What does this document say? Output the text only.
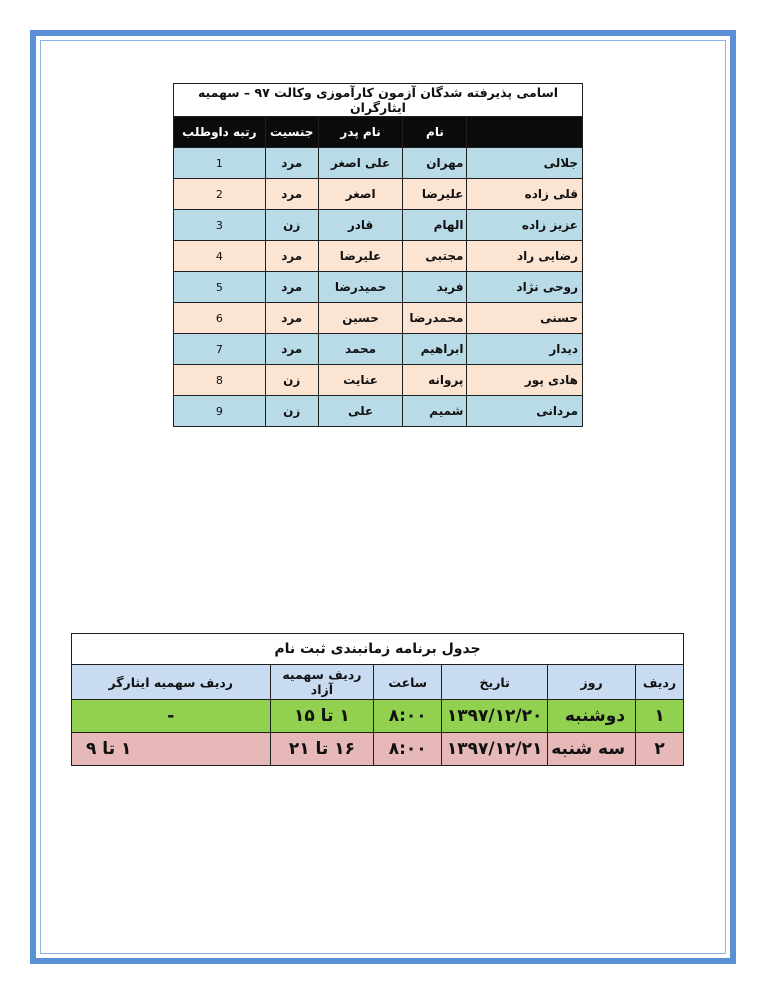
اسامی پذیرفته شدگان آزمون کارآموزی وکالت ۹۷ – سهمیه ایثارگران				
	نام	نام پدر	جنسیت	رتبه داوطلب
جلالی	مهران	علی اصغر	مرد	1
قلی زاده	علیرضا	اصغر	مرد	2
عزیز زاده	الهام	قادر	زن	3
رضایی راد	مجتبی	علیرضا	مرد	4
روحی نژاد	فرید	حمیدرضا	مرد	5
حسنی	محمدرضا	حسین	مرد	6
دیدار	ابراهیم	محمد	مرد	7
هادی پور	پروانه	عنایت	زن	8
مردانی	شمیم	علی	زن	9
جدول برنامه زمانبندی ثبت نام					
ردیف	روز	تاریخ	ساعت	ردیف سهمیه آزاد	ردیف سهمیه ایثارگر
۱	دوشنبه	۱۳۹۷/۱۲/۲۰	۸:۰۰	۱ تا ۱۵	-
۲	سه شنبه	۱۳۹۷/۱۲/۲۱	۸:۰۰	۱۶ تا ۲۱	۱ تا ۹
